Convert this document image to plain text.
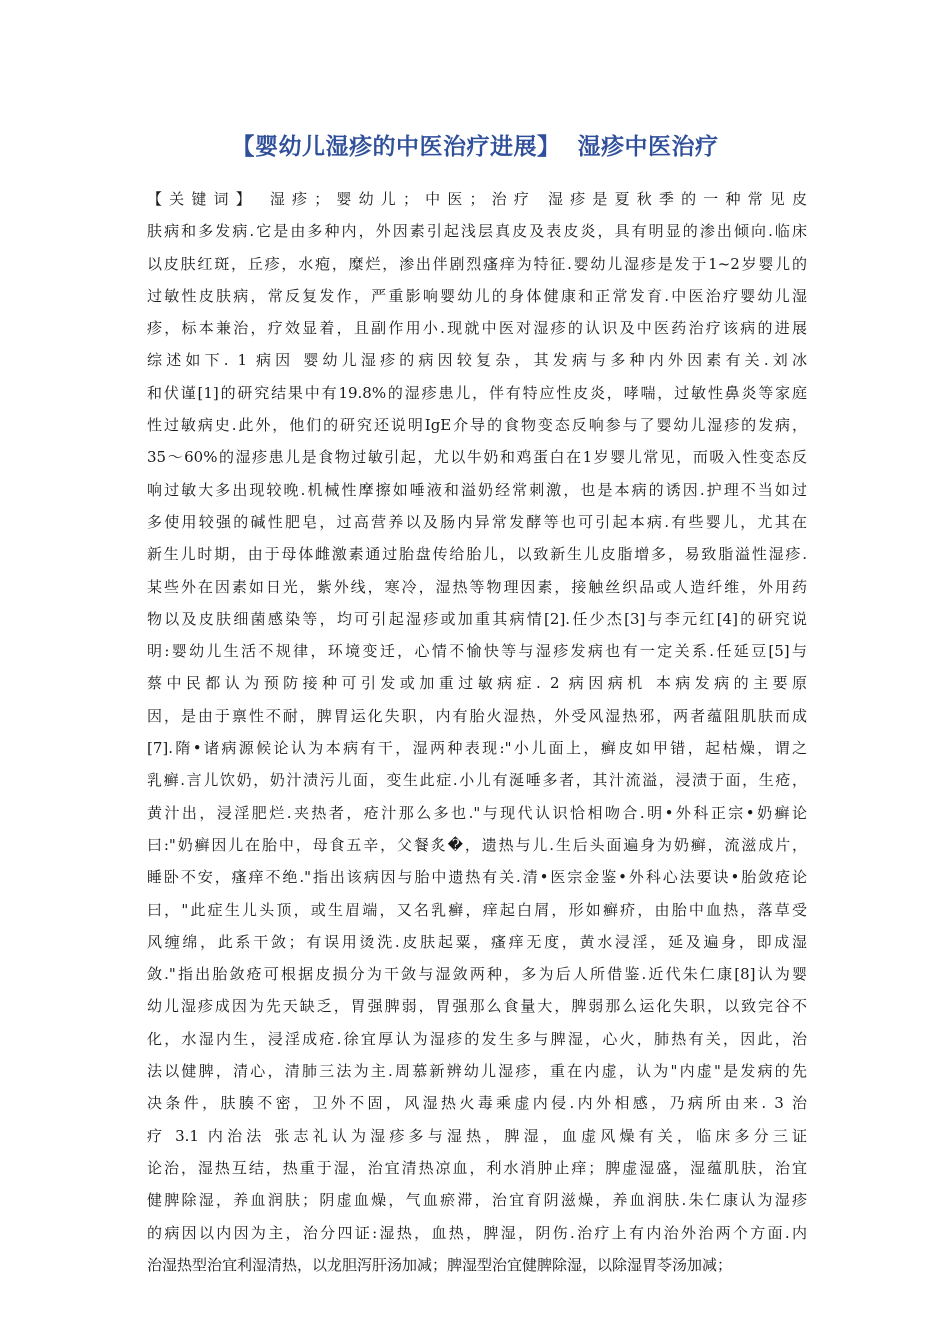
【婴幼儿湿疹的中医治疗进展】  湿疹中医治疗
【关键词】 湿疹；婴幼儿；中医；治疗 湿疹是夏秋季的一种常见皮
肤病和多发病.它是由多种内，外因素引起浅层真皮及表皮炎，具有明显的渗出倾向.临床
以皮肤红斑，丘疹，水疱，糜烂，渗出伴剧烈瘙痒为特征.婴幼儿湿疹是发于1~2岁婴儿的
过敏性皮肤病，常反复发作，严重影响婴幼儿的身体健康和正常发育.中医治疗婴幼儿湿
疹，标本兼治，疗效显着，且副作用小.现就中医对湿疹的认识及中医药治疗该病的进展
综述如下. 1 病因 婴幼儿湿疹的病因较复杂，其发病与多种内外因素有关.刘冰
和伏谨[1]的研究结果中有19.8%的湿疹患儿，伴有特应性皮炎，哮喘，过敏性鼻炎等家庭
性过敏病史.此外，他们的研究还说明IgE介导的食物变态反响参与了婴幼儿湿疹的发病，
35～60%的湿疹患儿是食物过敏引起，尤以牛奶和鸡蛋白在1岁婴儿常见，而吸入性变态反
响过敏大多出现较晚.机械性摩擦如唾液和溢奶经常刺激，也是本病的诱因.护理不当如过
多使用较强的碱性肥皂，过高营养以及肠内异常发酵等也可引起本病.有些婴儿，尤其在
新生儿时期，由于母体雌激素通过胎盘传给胎儿，以致新生儿皮脂增多，易致脂溢性湿疹.
某些外在因素如日光，紫外线，寒冷，湿热等物理因素，接触丝织品或人造纤维，外用药
物以及皮肤细菌感染等，均可引起湿疹或加重其病情[2].任少杰[3]与李元红[4]的研究说
明:婴幼儿生活不规律，环境变迁，心情不愉快等与湿疹发病也有一定关系.任延豆[5]与
蔡中民都认为预防接种可引发或加重过敏病症. 2 病因病机 本病发病的主要原
因，是由于禀性不耐，脾胃运化失职，内有胎火湿热，外受风湿热邪，两者蕴阻肌肤而成
[7].隋•诸病源候论认为本病有干，湿两种表现:"小儿面上，癣皮如甲错，起枯燥，谓之
乳癣.言儿饮奶，奶汁渍污儿面，变生此症.小儿有涎唾多者，其汁流溢，浸渍于面，生疮，
黄汁出，浸淫肥烂.夹热者，疮汁那么多也."与现代认识恰相吻合.明•外科正宗•奶癣论
曰:"奶癣因儿在胎中，母食五辛，父餐炙�，遗热与儿.生后头面遍身为奶癣，流滋成片，
睡卧不安，瘙痒不绝."指出该病因与胎中遗热有关.清•医宗金鉴•外科心法要诀•胎敛疮论
曰，"此症生儿头顶，或生眉端，又名乳癣，痒起白屑，形如癣疥，由胎中血热，落草受
风缠绵，此系干敛；有误用烫洗.皮肤起粟，瘙痒无度，黄水浸淫，延及遍身，即成湿
敛."指出胎敛疮可根据皮损分为干敛与湿敛两种，多为后人所借鉴.近代朱仁康[8]认为婴
幼儿湿疹成因为先天缺乏，胃强脾弱，胃强那么食量大，脾弱那么运化失职，以致完谷不
化，水湿内生，浸淫成疮.徐宜厚认为湿疹的发生多与脾湿，心火，肺热有关，因此，治
法以健脾，清心，清肺三法为主.周慕新辨幼儿湿疹，重在内虚，认为"内虚"是发病的先
决条件，肤腠不密，卫外不固，风湿热火毒乘虚内侵.内外相感，乃病所由来. 3 治
疗 3.1 内治法 张志礼认为湿疹多与湿热，脾湿，血虚风燥有关，临床多分三证
论治，湿热互结，热重于湿，治宜清热凉血，利水消肿止痒；脾虚湿盛，湿蕴肌肤，治宜
健脾除湿，养血润肤；阴虚血燥，气血瘀滞，治宜育阴滋燥，养血润肤.朱仁康认为湿疹
的病因以内因为主，治分四证:湿热，血热，脾湿，阴伤.治疗上有内治外治两个方面.内
治湿热型治宜利湿清热，以龙胆泻肝汤加减；脾湿型治宜健脾除湿，以除湿胃苓汤加减；
